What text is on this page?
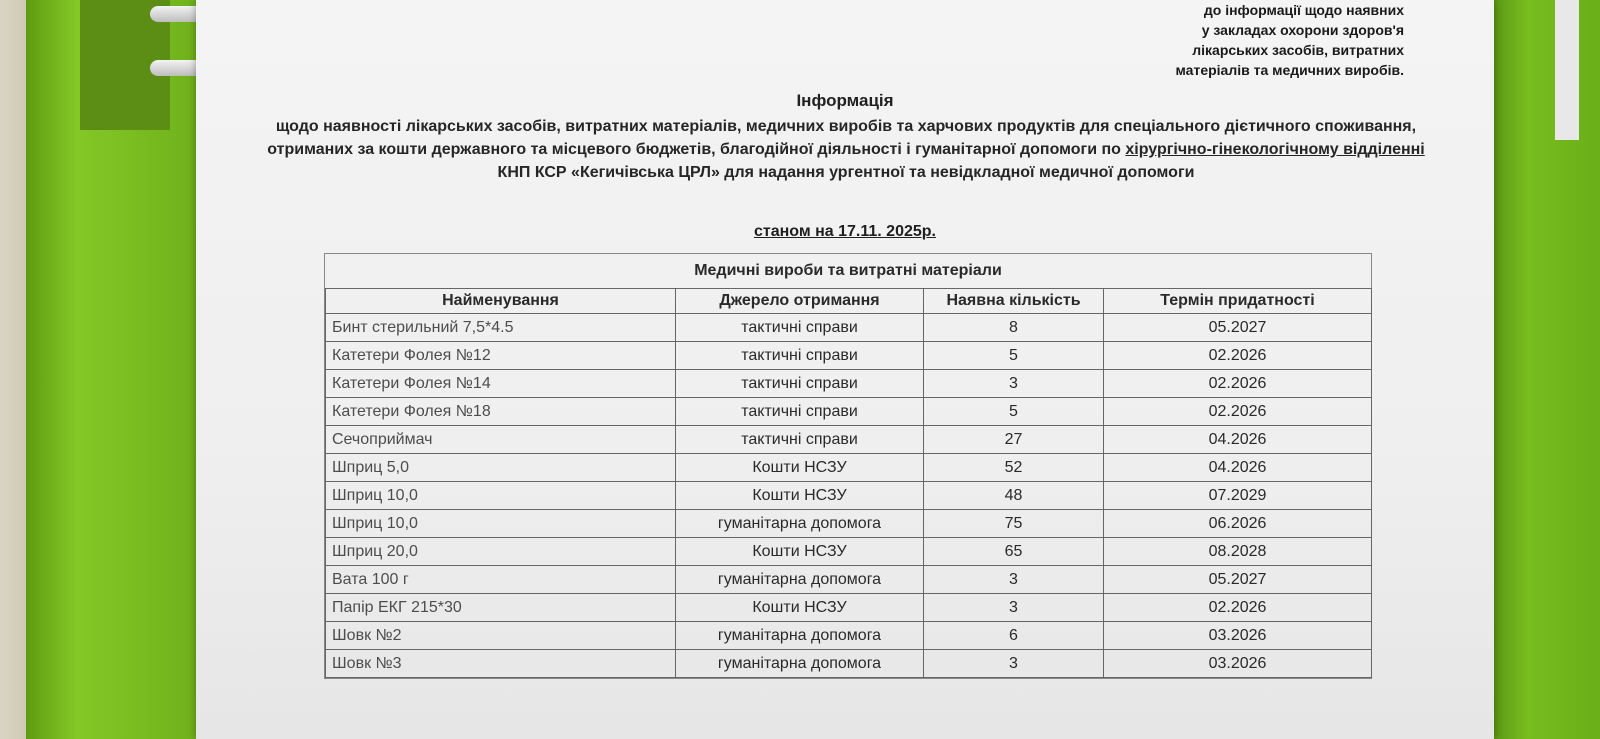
до інформації щодо наявних
у закладах охорони здоров'я
лікарських засобів, витратних
матеріалів та медичних виробів.
Інформація
щодо наявності лікарських засобів, витратних матеріалів, медичних виробів та харчових продуктів для спеціального дієтичного споживання, отриманих за кошти державного та місцевого бюджетів, благодійної діяльності і гуманітарної допомоги по хірургічно-гінекологічному відділенні КНП КСР «Кегичівська ЦРЛ» для надання ургентної та невідкладної медичної допомоги
станом на 17.11. 2025р.
Медичні вироби та витратні матеріали
Найменування	Джерело отримання	Наявна кількість	Термін придатності
Бинт стерильний 7,5*4.5	тактичні справи	8	05.2027
Катетери Фолея №12	тактичні справи	5	02.2026
Катетери Фолея №14	тактичні справи	3	02.2026
Катетери Фолея №18	тактичні справи	5	02.2026
Сечоприймач	тактичні справи	27	04.2026
Шприц 5,0	Кошти НСЗУ	52	04.2026
Шприц 10,0	Кошти НСЗУ	48	07.2029
Шприц 10,0	гуманітарна допомога	75	06.2026
Шприц 20,0	Кошти НСЗУ	65	08.2028
Вата 100 г	гуманітарна допомога	3	05.2027
Папір ЕКГ 215*30	Кошти НСЗУ	3	02.2026
Шовк №2	гуманітарна допомога	6	03.2026
Шовк №3	гуманітарна допомога	3	03.2026
